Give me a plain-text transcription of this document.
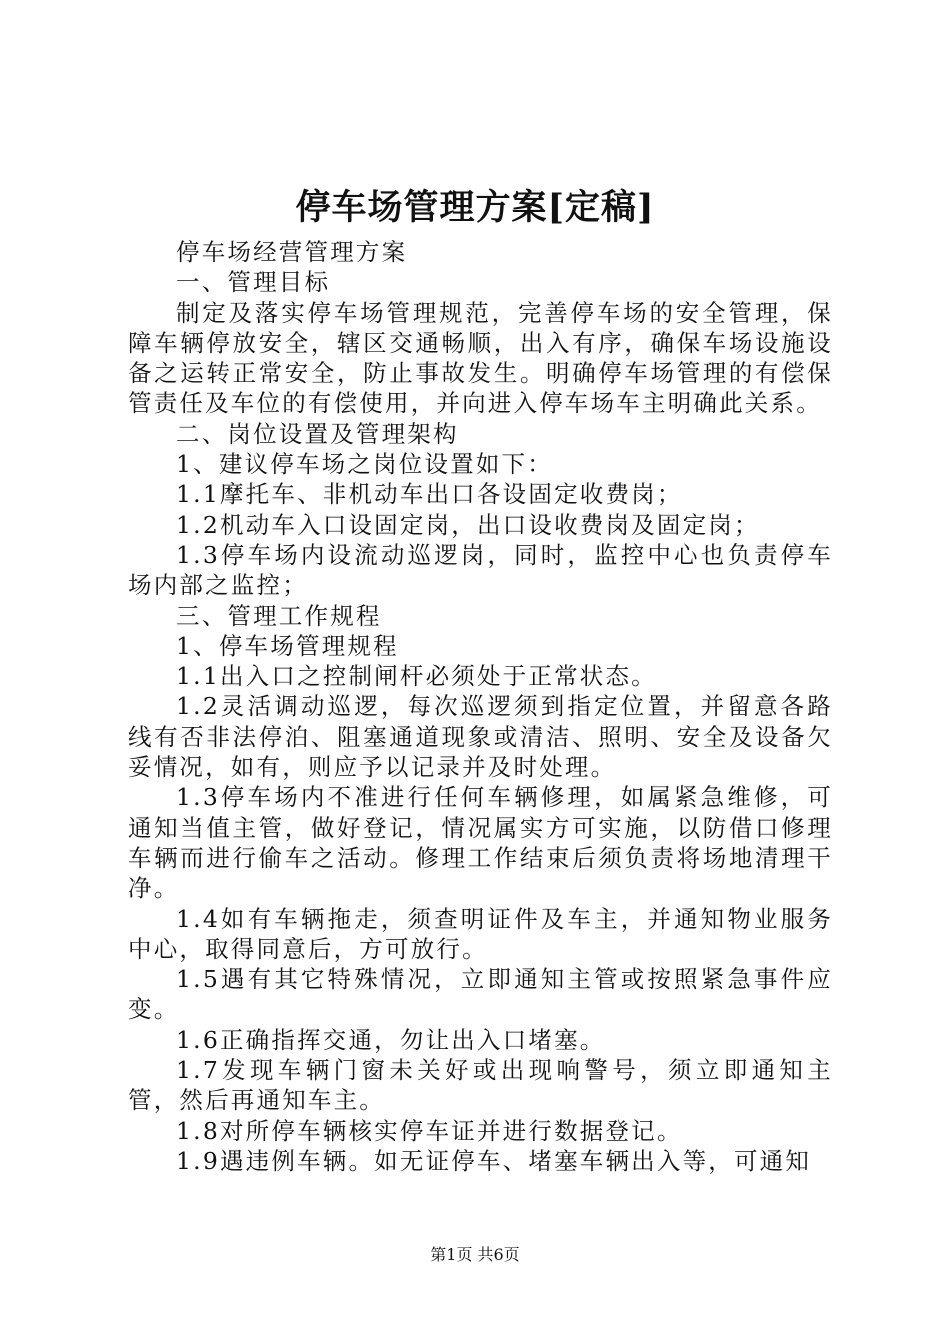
停车场管理方案[定稿]

停车场经营管理方案

一、管理目标

制定及落实停车场管理规范，完善停车场的安全管理，保障车辆停放安全，辖区交通畅顺，出入有序，确保车场设施设备之运转正常安全，防止事故发生。明确停车场管理的有偿保管责任及车位的有偿使用，并向进入停车场车主明确此关系。

二、岗位设置及管理架构

1、建议停车场之岗位设置如下：

1.1摩托车、非机动车出口各设固定收费岗；

1.2机动车入口设固定岗，出口设收费岗及固定岗；

1.3停车场内设流动巡逻岗，同时，监控中心也负责停车场内部之监控；

三、管理工作规程

1、停车场管理规程

1.1出入口之控制闸杆必须处于正常状态。

1.2灵活调动巡逻，每次巡逻须到指定位置，并留意各路线有否非法停泊、阻塞通道现象或清洁、照明、安全及设备欠妥情况，如有，则应予以记录并及时处理。

1.3停车场内不准进行任何车辆修理，如属紧急维修，可通知当值主管，做好登记，情况属实方可实施，以防借口修理车辆而进行偷车之活动。修理工作结束后须负责将场地清理干净。

1.4如有车辆拖走，须查明证件及车主，并通知物业服务中心，取得同意后，方可放行。

1.5遇有其它特殊情况，立即通知主管或按照紧急事件应变。

1.6正确指挥交通，勿让出入口堵塞。

1.7发现车辆门窗未关好或出现响警号，须立即通知主管，然后再通知车主。

1.8对所停车辆核实停车证并进行数据登记。

1.9遇违例车辆。如无证停车、堵塞车辆出入等，可通知

第1页 共6页
